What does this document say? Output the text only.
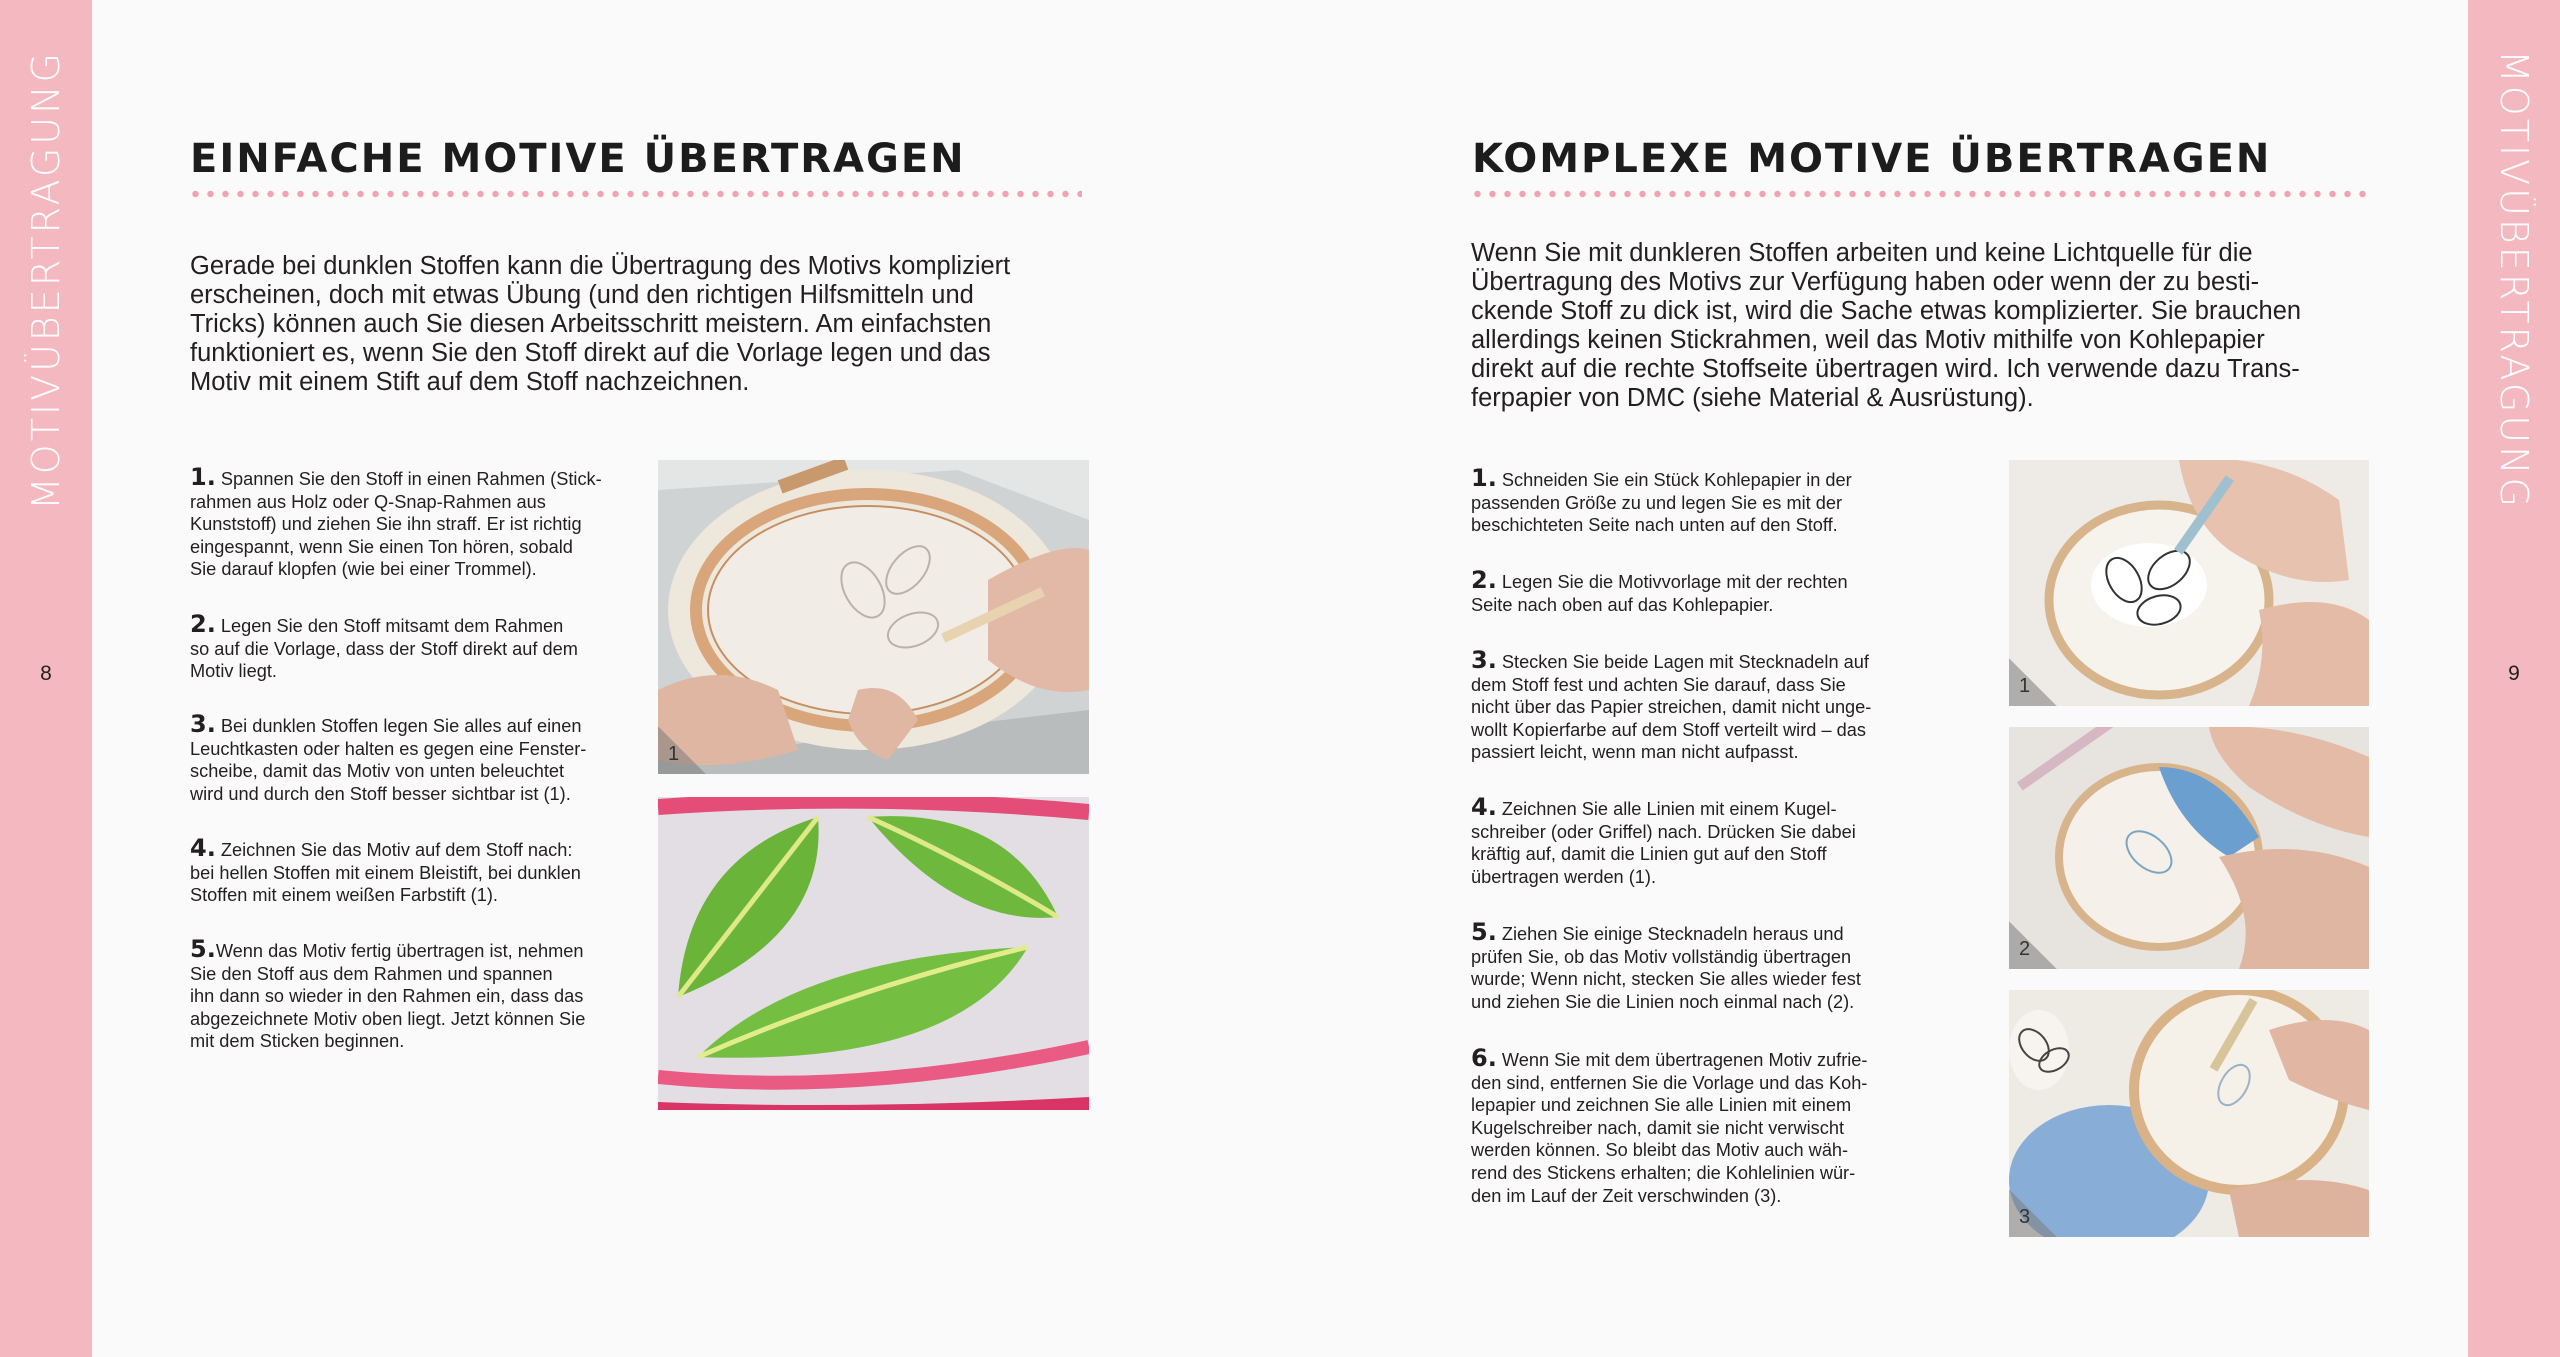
MOTIVÜBERTRAGUNG
8
MOTIVÜBERTRAGUNG
9
EINFACHE MOTIVE ÜBERTRAGEN

Gerade bei dunklen Stoffen kann die Übertragung des Motivs kompliziert
erscheinen, doch mit etwas Übung (und den richtigen Hilfsmitteln und
Tricks) können auch Sie diesen Arbeitsschritt meistern. Am einfachsten
funktioniert es, wenn Sie den Stoff direkt auf die Vorlage legen und das
Motiv mit einem Stift auf dem Stoff nachzeichnen.

1. Spannen Sie den Stoff in einen Rahmen (Stick-
rahmen aus Holz oder Q-Snap-Rahmen aus
Kunststoff) und ziehen Sie ihn straff. Er ist richtig
eingespannt, wenn Sie einen Ton hören, sobald
Sie darauf klopfen (wie bei einer Trommel).

2. Legen Sie den Stoff mitsamt dem Rahmen
so auf die Vorlage, dass der Stoff direkt auf dem
Motiv liegt.

3. Bei dunklen Stoffen legen Sie alles auf einen
Leuchtkasten oder halten es gegen eine Fenster-
scheibe, damit das Motiv von unten beleuchtet
wird und durch den Stoff besser sichtbar ist (1).

4. Zeichnen Sie das Motiv auf dem Stoff nach:
bei hellen Stoffen mit einem Bleistift, bei dunklen
Stoffen mit einem weißen Farbstift (1).

5.Wenn das Motiv fertig übertragen ist, nehmen
Sie den Stoff aus dem Rahmen und spannen
ihn dann so wieder in den Rahmen ein, dass das
abgezeichnete Motiv oben liegt. Jetzt können Sie
mit dem Sticken beginnen.

1
KOMPLEXE MOTIVE ÜBERTRAGEN

Wenn Sie mit dunkleren Stoffen arbeiten und keine Lichtquelle für die
Übertragung des Motivs zur Verfügung haben oder wenn der zu besti-
ckende Stoff zu dick ist, wird die Sache etwas komplizierter. Sie brauchen
allerdings keinen Stickrahmen, weil das Motiv mithilfe von Kohlepapier
direkt auf die rechte Stoffseite übertragen wird. Ich verwende dazu Trans-
ferpapier von DMC (siehe Material & Ausrüstung).

1. Schneiden Sie ein Stück Kohlepapier in der
passenden Größe zu und legen Sie es mit der
beschichteten Seite nach unten auf den Stoff.

2. Legen Sie die Motivvorlage mit der rechten
Seite nach oben auf das Kohlepapier.

3. Stecken Sie beide Lagen mit Stecknadeln auf
dem Stoff fest und achten Sie darauf, dass Sie
nicht über das Papier streichen, damit nicht unge-
wollt Kopierfarbe auf dem Stoff verteilt wird – das
passiert leicht, wenn man nicht aufpasst.

4. Zeichnen Sie alle Linien mit einem Kugel-
schreiber (oder Griffel) nach. Drücken Sie dabei
kräftig auf, damit die Linien gut auf den Stoff
übertragen werden (1).

5. Ziehen Sie einige Stecknadeln heraus und
prüfen Sie, ob das Motiv vollständig übertragen
wurde; Wenn nicht, stecken Sie alles wieder fest
und ziehen Sie die Linien noch einmal nach (2).

6. Wenn Sie mit dem übertragenen Motiv zufrie-
den sind, entfernen Sie die Vorlage und das Koh-
lepapier und zeichnen Sie alle Linien mit einem
Kugelschreiber nach, damit sie nicht verwischt
werden können. So bleibt das Motiv auch wäh-
rend des Stickens erhalten; die Kohlelinien wür-
den im Lauf der Zeit verschwinden (3).

1
2
3
